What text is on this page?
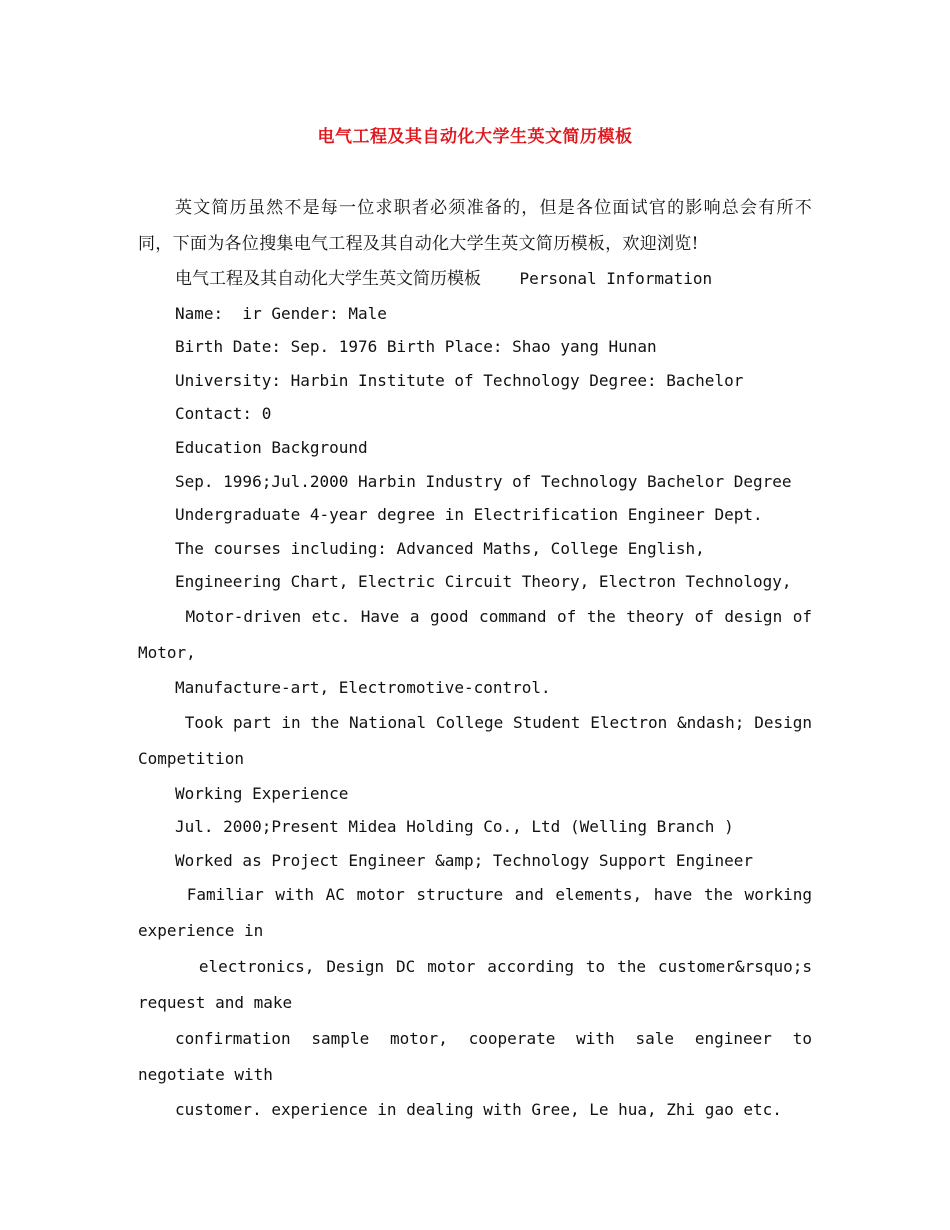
电气工程及其自动化大学生英文简历模板

英文简历虽然不是每一位求职者必须准备的，但是各位面试官的影响总会有所不同，下面为各位搜集电气工程及其自动化大学生英文简历模板，欢迎浏览!

电气工程及其自动化大学生英文简历模板    Personal Information

Name:  ir Gender: Male

Birth Date: Sep. 1976 Birth Place: Shao yang Hunan

University: Harbin Institute of Technology Degree: Bachelor

Contact: 0

Education Background

Sep. 1996;Jul.2000 Harbin Industry of Technology Bachelor Degree

Undergraduate 4-year degree in Electrification Engineer Dept.

The courses including: Advanced Maths, College English,

Engineering Chart, Electric Circuit Theory, Electron Technology,

Motor-driven etc. Have a good command of the theory of design of Motor,

Manufacture-art, Electromotive-control.

Took part in the National College Student Electron &ndash; Design Competition

Working Experience

Jul. 2000;Present Midea Holding Co., Ltd (Welling Branch )

Worked as Project Engineer &amp; Technology Support Engineer

Familiar with AC motor structure and elements, have the working experience in

electronics, Design DC motor according to the customer&rsquo;s request and make

confirmation sample motor, cooperate with sale engineer to negotiate with

customer. experience in dealing with Gree, Le hua, Zhi gao etc.
